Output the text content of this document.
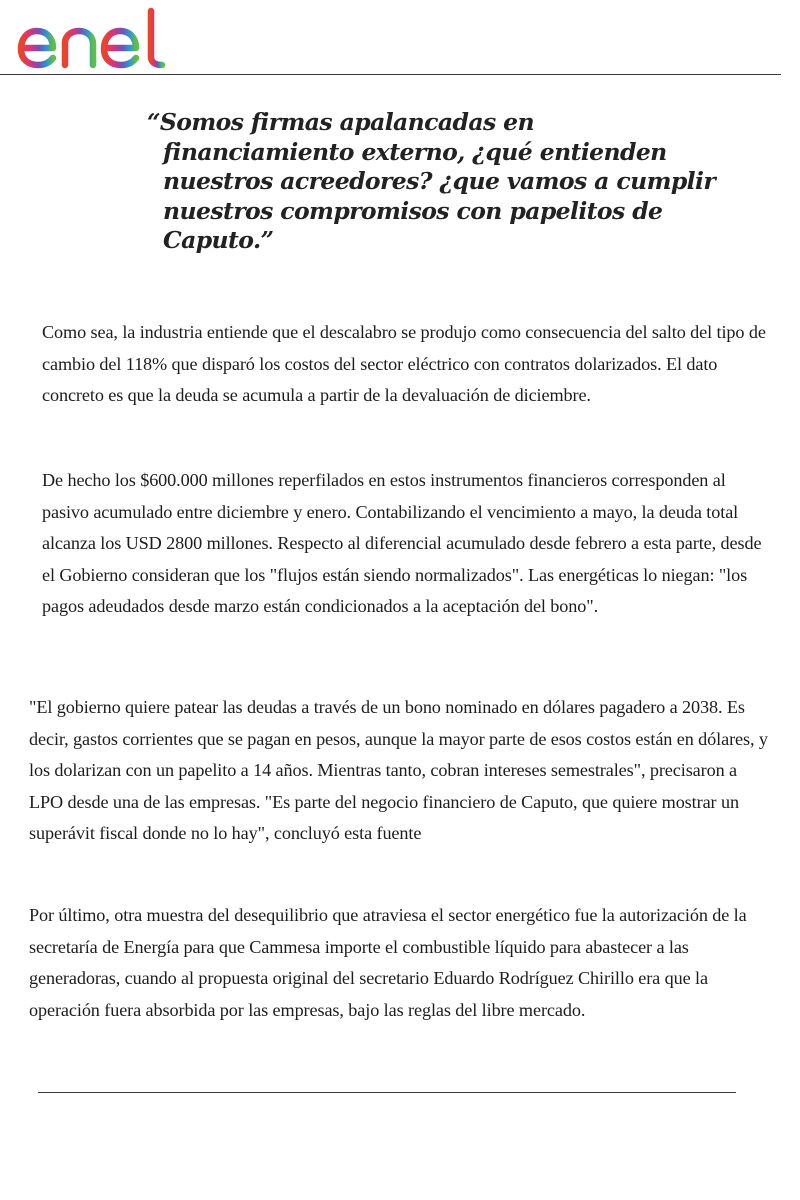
“Somos firmas apalancadas en financiamiento externo, ¿qué entienden nuestros acreedores? ¿que vamos a cumplir nuestros compromisos con papelitos de Caputo.”

Como sea, la industria entiende que el descalabro se produjo como consecuencia del salto del tipo de cambio del 118% que disparó los costos del sector eléctrico con contratos dolarizados. El dato concreto es que la deuda se acumula a partir de la devaluación de diciembre.

De hecho los $600.000 millones reperfilados en estos instrumentos financieros corresponden al pasivo acumulado entre diciembre y enero. Contabilizando el vencimiento a mayo, la deuda total alcanza los USD 2800 millones. Respecto al diferencial acumulado desde febrero a esta parte, desde el Gobierno consideran que los "flujos están siendo normalizados". Las energéticas lo niegan: "los pagos adeudados desde marzo están condicionados a la aceptación del bono".

"El gobierno quiere patear las deudas a través de un bono nominado en dólares pagadero a 2038. Es decir, gastos corrientes que se pagan en pesos, aunque la mayor parte de esos costos están en dólares, y los dolarizan con un papelito a 14 años. Mientras tanto, cobran intereses semestrales", precisaron a LPO desde una de las empresas. "Es parte del negocio financiero de Caputo, que quiere mostrar un superávit fiscal donde no lo hay", concluyó esta fuente

Por último, otra muestra del desequilibrio que atraviesa el sector energético fue la autorización de la secretaría de Energía para que Cammesa importe el combustible líquido para abastecer a las generadoras, cuando al propuesta original del secretario Eduardo Rodríguez Chirillo era que la operación fuera absorbida por las empresas, bajo las reglas del libre mercado.
